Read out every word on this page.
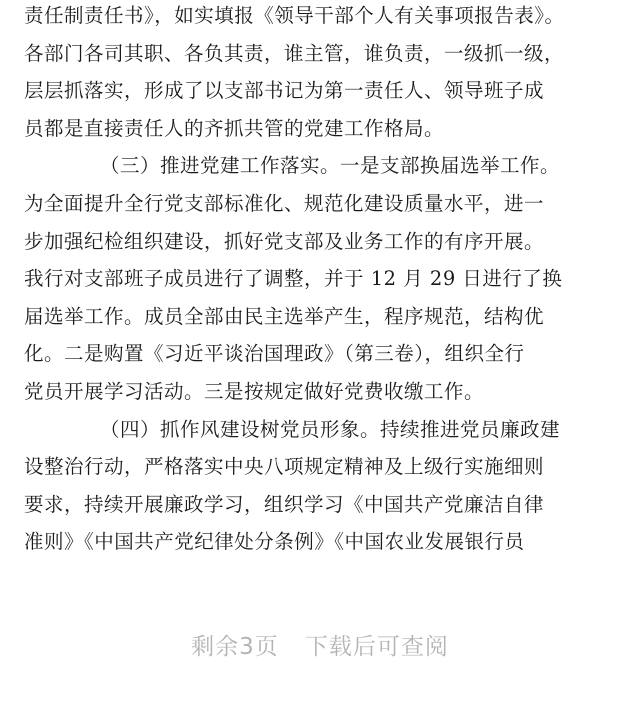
责任制责任书》，如实填报《领导干部个人有关事项报告表》。
各部门各司其职、各负其责，谁主管，谁负责，一级抓一级，
层层抓落实，形成了以支部书记为第一责任人、领导班子成
员都是直接责任人的齐抓共管的党建工作格局。
（三）推进党建工作落实。一是支部换届选举工作。
为全面提升全行党支部标准化、规范化建设质量水平，进一
步加强纪检组织建设，抓好党支部及业务工作的有序开展。
我行对支部班子成员进行了调整，并于 12 月 29 日进行了换
届选举工作。成员全部由民主选举产生，程序规范，结构优
化。二是购置《习近平谈治国理政》（第三卷），组织全行
党员开展学习活动。三是按规定做好党费收缴工作。
（四）抓作风建设树党员形象。持续推进党员廉政建
设整治行动，严格落实中央八项规定精神及上级行实施细则
要求，持续开展廉政学习，组织学习《中国共产党廉洁自律
准则》《中国共产党纪律处分条例》《中国农业发展银行员
剩余3页 下载后可查阅
